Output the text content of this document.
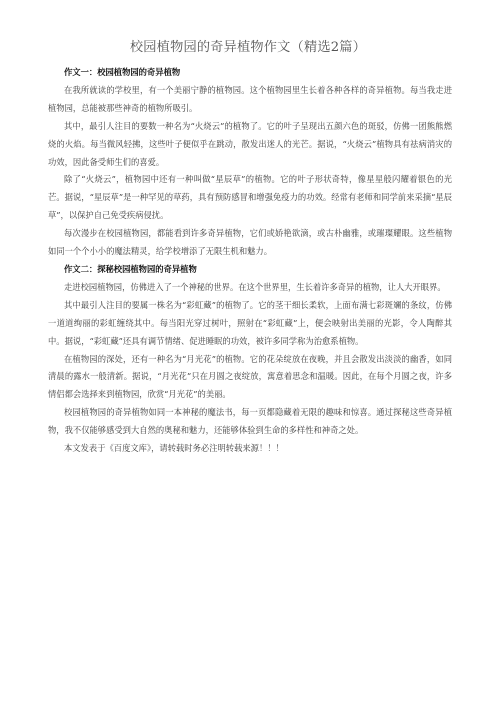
校园植物园的奇异植物作文（精选2篇）

作文一：校园植物园的奇异植物

在我所就读的学校里，有一个美丽宁静的植物园。这个植物园里生长着各种各样的奇异植物。每当我走进植物园，总能被那些神奇的植物所吸引。

其中，最引人注目的要数一种名为“火烧云”的植物了。它的叶子呈现出五颜六色的斑驳，仿佛一团熊熊燃烧的火焰。每当微风轻拂，这些叶子便似乎在跳动，散发出迷人的光芒。据说，“火烧云”植物具有祛病消灾的功效，因此备受师生们的喜爱。

除了“火烧云”，植物园中还有一种叫做“星辰草”的植物。它的叶子形状奇特，像星星般闪耀着银色的光芒。据说，“星辰草”是一种罕见的草药，具有预防感冒和增强免疫力的功效。经常有老师和同学前来采摘“星辰草”，以保护自己免受疾病侵扰。

每次漫步在校园植物园，都能看到许多奇异植物，它们或娇艳欲滴，或古朴幽雅，或璀璨耀眼。这些植物如同一个个小小的魔法精灵，给学校增添了无限生机和魅力。

作文二：探秘校园植物园的奇异植物

走进校园植物园，仿佛进入了一个神秘的世界。在这个世界里，生长着许多奇异的植物，让人大开眼界。

其中最引人注目的要属一株名为“彩虹藏”的植物了。它的茎干细长柔软，上面布满七彩斑斓的条纹，仿佛一道道绚丽的彩虹缠绕其中。每当阳光穿过树叶，照射在“彩虹藏”上，便会映射出美丽的光影，令人陶醉其中。据说，“彩虹藏”还具有调节情绪、促进睡眠的功效，被许多同学称为治愈系植物。

在植物园的深处，还有一种名为“月光花”的植物。它的花朵绽放在夜晚，并且会散发出淡淡的幽香，如同清晨的露水一般清新。据说，“月光花”只在月圆之夜绽放，寓意着思念和温暖。因此，在每个月圆之夜，许多情侣都会选择来到植物园，欣赏“月光花”的美丽。

校园植物园的奇异植物如同一本神秘的魔法书，每一页都隐藏着无限的趣味和惊喜。通过探秘这些奇异植物，我不仅能够感受到大自然的奥秘和魅力，还能够体验到生命的多样性和神奇之处。

本文发表于《百度文库》，请转载时务必注明转载来源！！！
